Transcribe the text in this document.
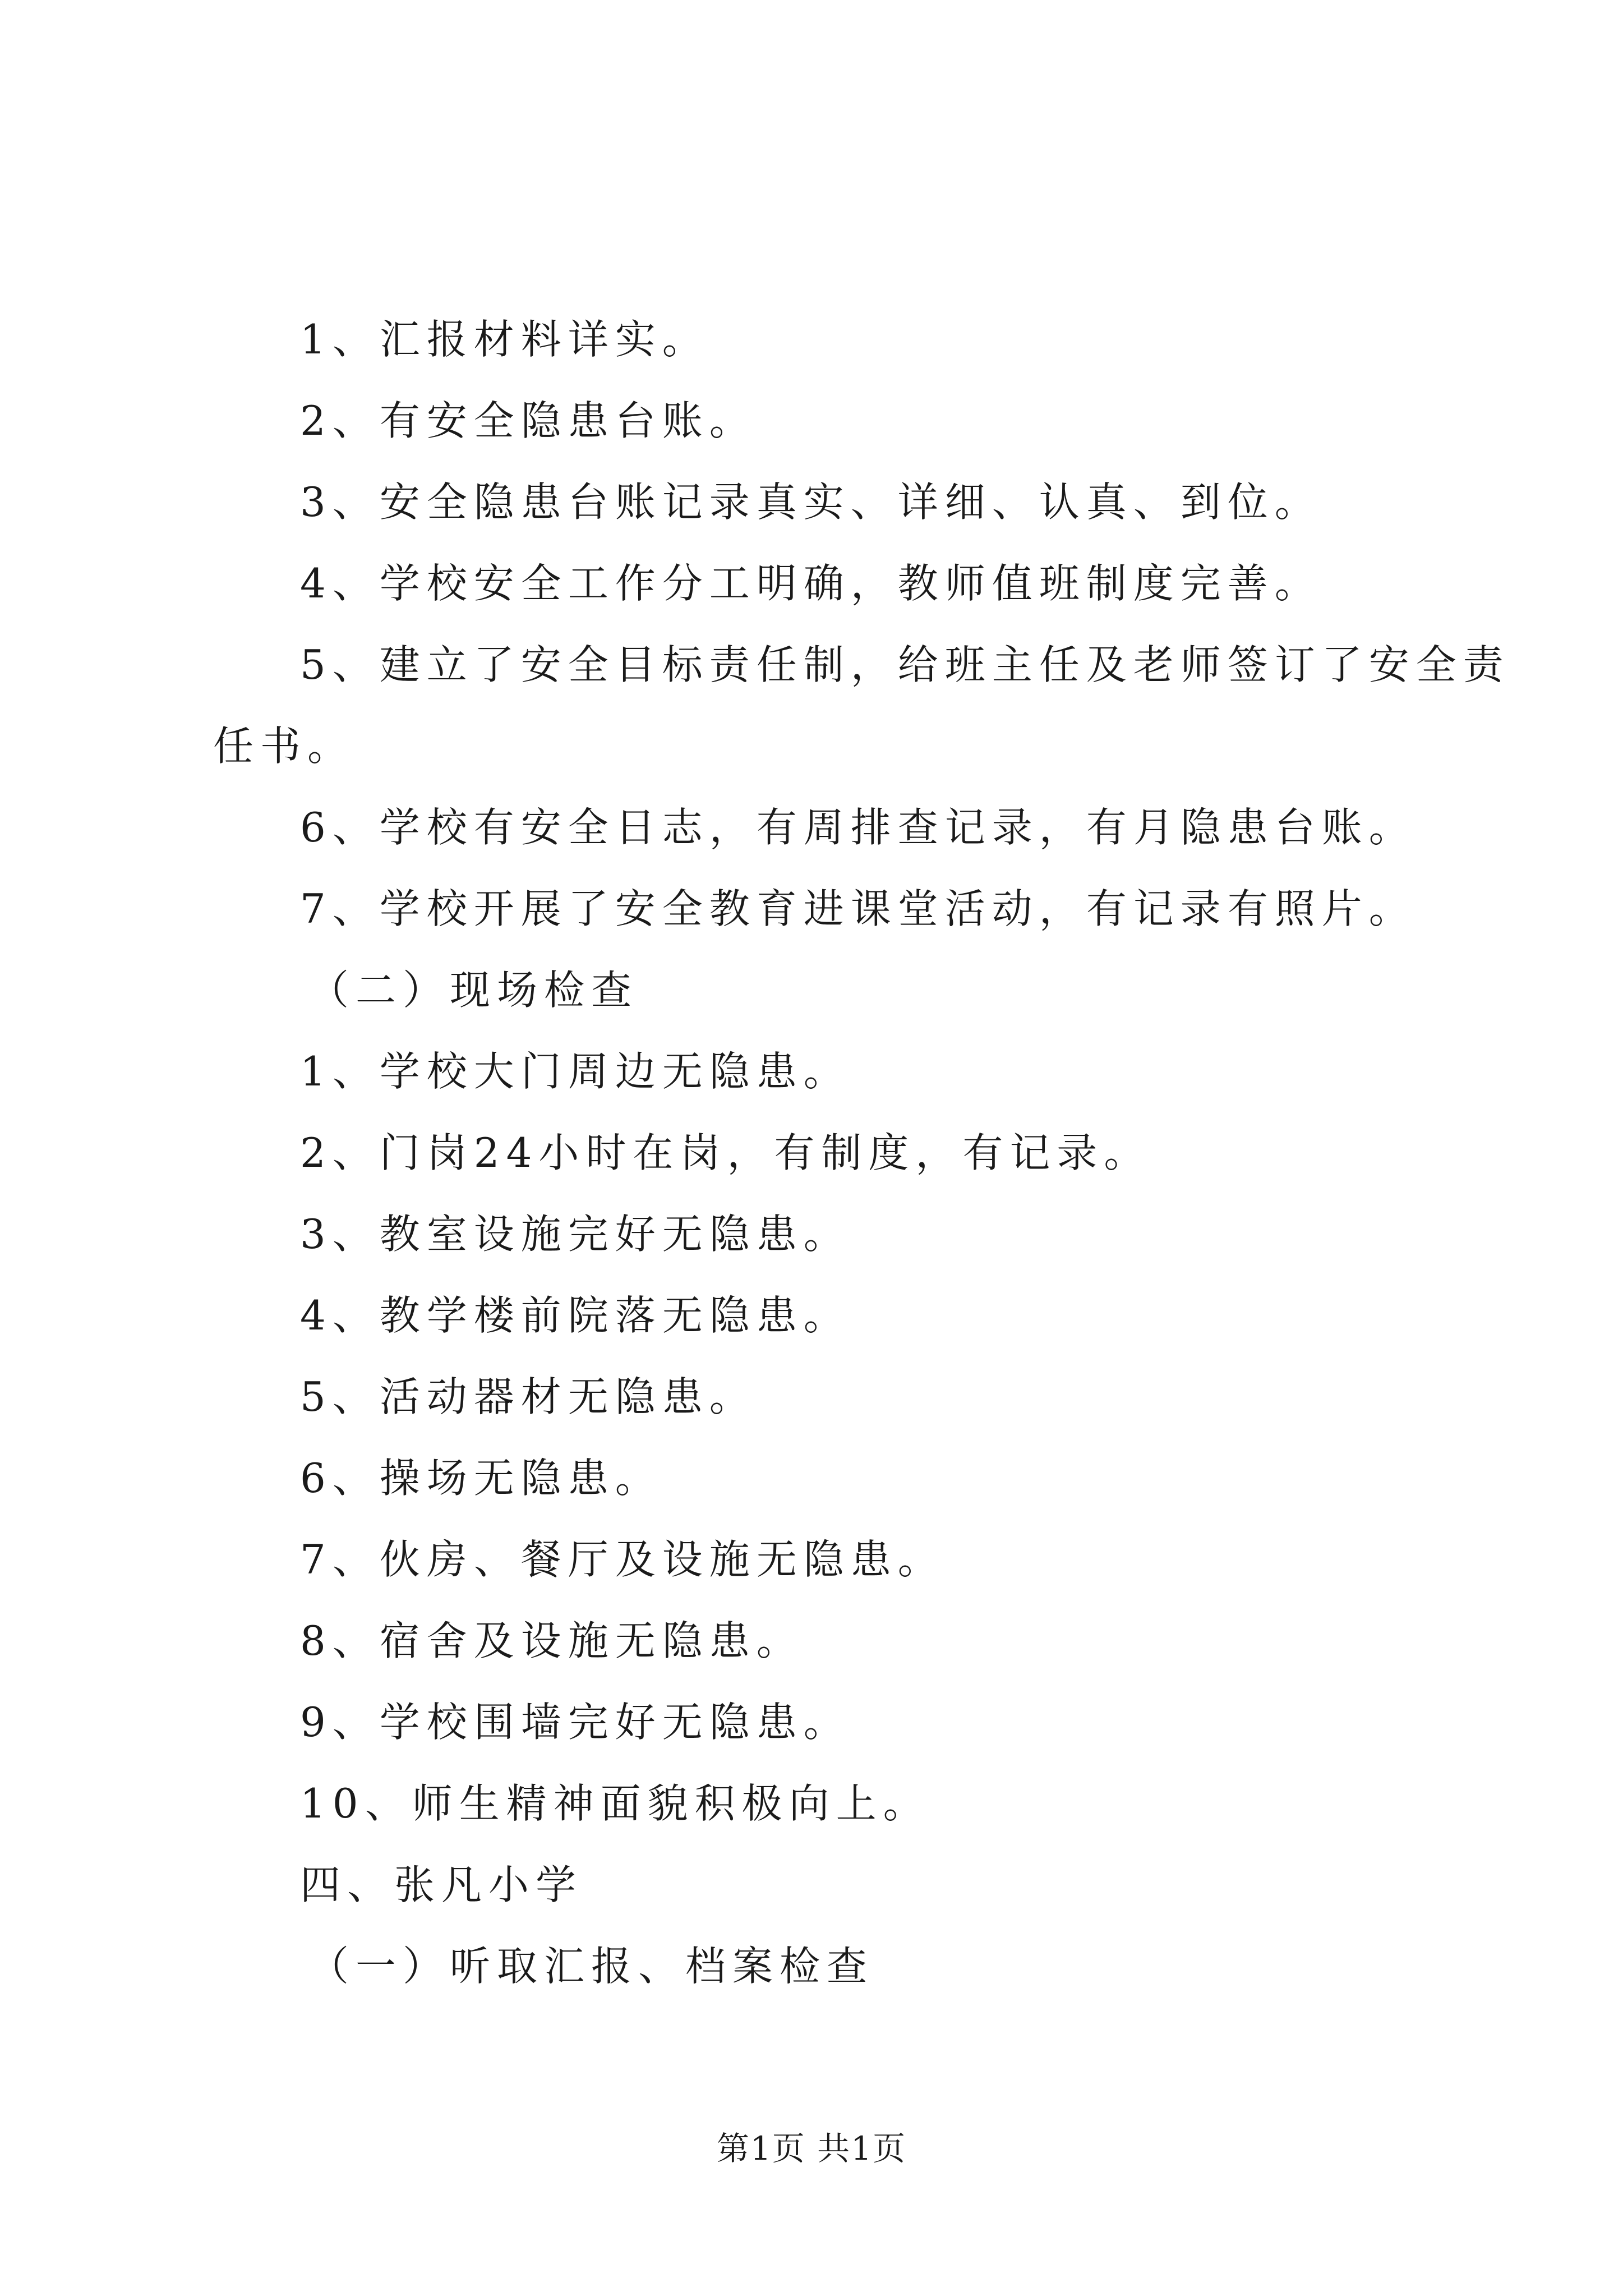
1、汇报材料详实。
2、有安全隐患台账。
3、安全隐患台账记录真实、详细、认真、到位。
4、学校安全工作分工明确，教师值班制度完善。
5、建立了安全目标责任制，给班主任及老师签订了安全责
任书。
6、学校有安全日志，有周排查记录，有月隐患台账。
7、学校开展了安全教育进课堂活动，有记录有照片。
（二）现场检查
1、学校大门周边无隐患。
2、门岗24小时在岗，有制度，有记录。
3、教室设施完好无隐患。
4、教学楼前院落无隐患。
5、活动器材无隐患。
6、操场无隐患。
7、伙房、餐厅及设施无隐患。
8、宿舍及设施无隐患。
9、学校围墙完好无隐患。
10、师生精神面貌积极向上。
四、张凡小学
（一）听取汇报、档案检查
第1页 共1页
